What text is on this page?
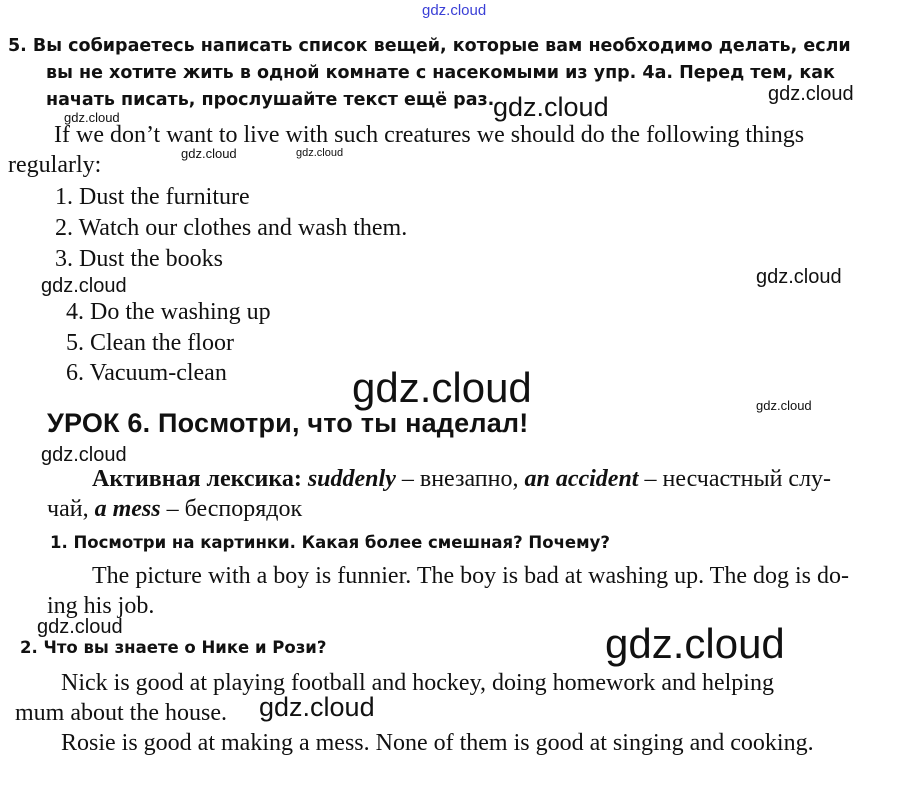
gdz.cloud
5. Вы собираетесь написать список вещей, которые вам необходимо делать, если
вы не хотите жить в одной комнате с насекомыми из упр. 4а. Перед тем, как
начать писать, прослушайте текст ещё раз.
gdz.cloud	gdz.cloud
gdz.cloud
If we don’t want to live with such creatures we should do the following things
regularly:	gdz.cloud	gdz.cloud
1. Dust the furniture
2. Watch our clothes and wash them.
3. Dust the books
gdz.cloud	gdz.cloud
4. Do the washing up
5. Clean the floor
6. Vacuum-clean	gdz.cloud	gdz.cloud
УРОК 6. Посмотри, что ты наделал!
gdz.cloud
Активная лексика: suddenly – внезапно, an accident – несчастный слу-
чай, a mess – беспорядок
1. Посмотри на картинки. Какая более смешная? Почему?
The picture with a boy is funnier. The boy is bad at washing up. The dog is do-
ing his job.
gdz.cloud	gdz.cloud
2. Что вы знаете о Нике и Рози?
Nick is good at playing football and hockey, doing homework and helping
mum about the house. gdz.cloud
Rosie is good at making a mess. None of them is good at singing and cooking.
